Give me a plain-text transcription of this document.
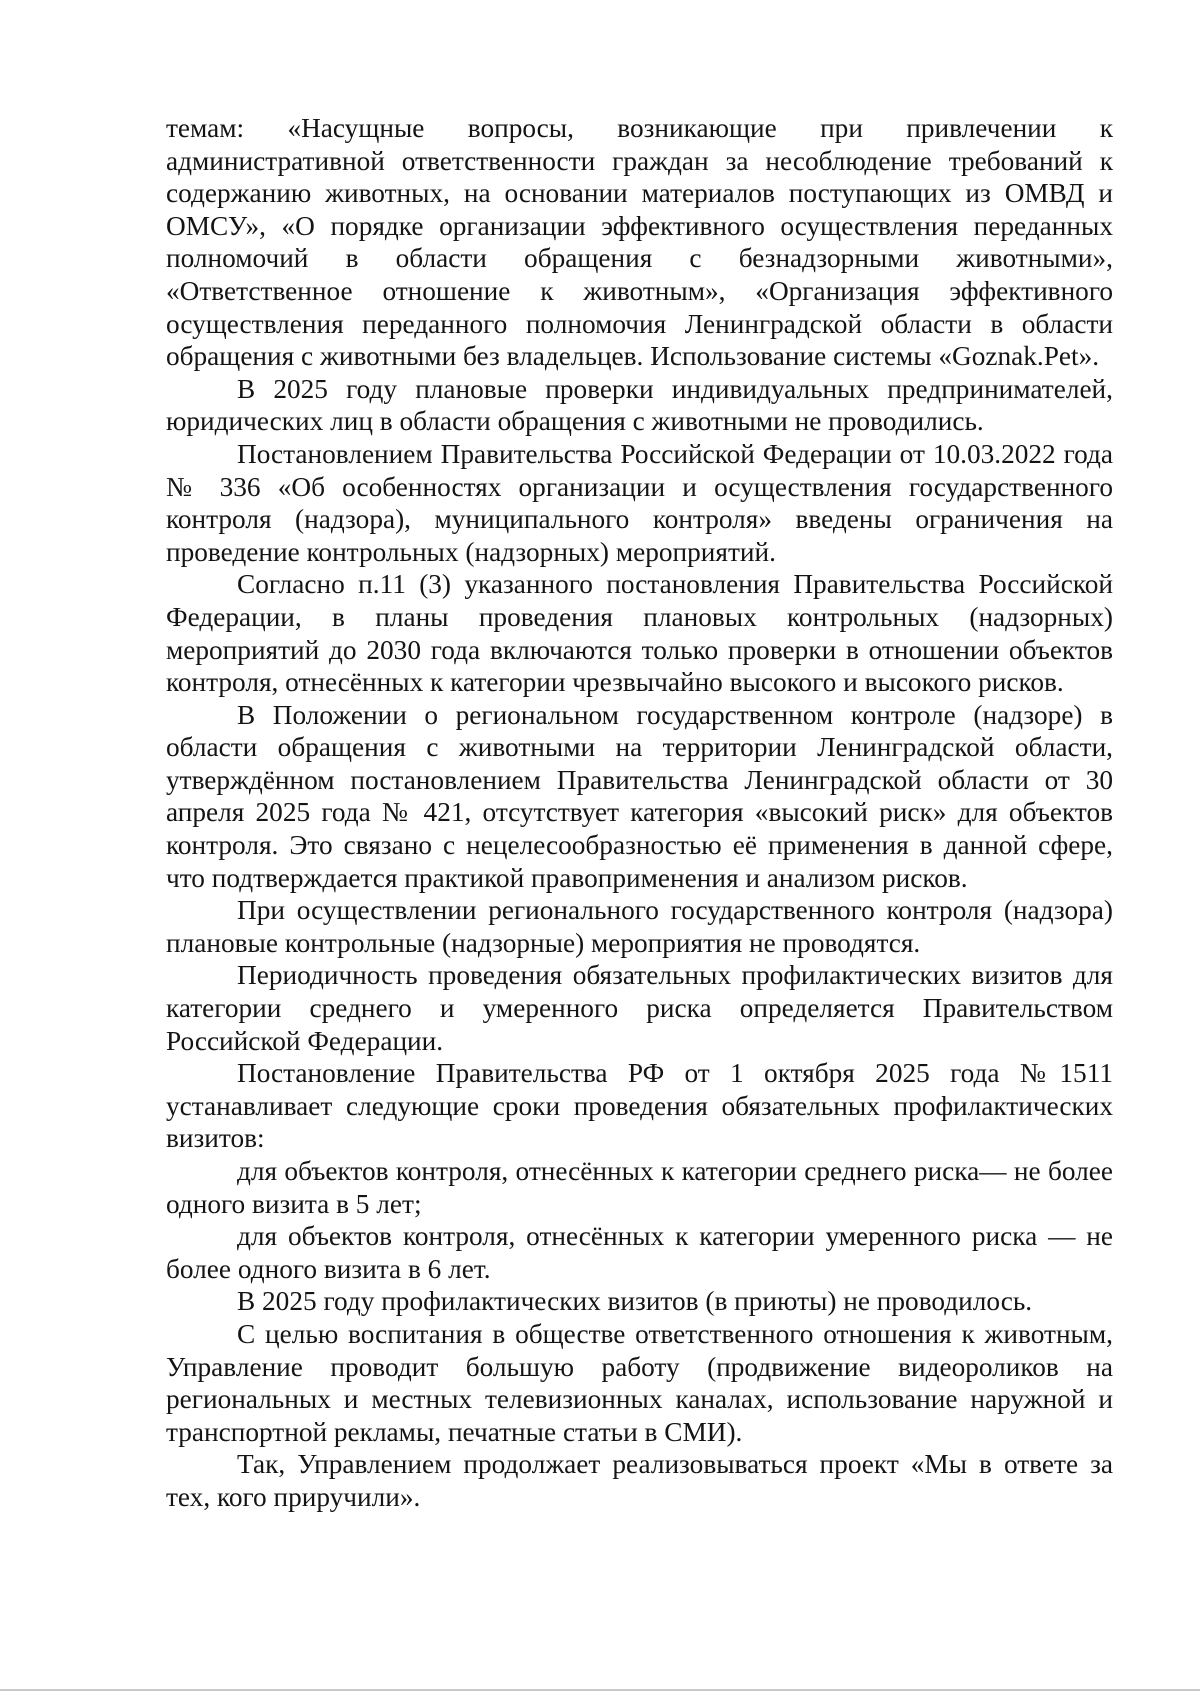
темам: «Насущные вопросы, возникающие при привлечении к административной ответственности граждан за несоблюдение требований к содержанию животных, на основании материалов поступающих из ОМВД и ОМСУ», «О порядке организации эффективного осуществления переданных полномочий в области обращения с безнадзорными животными», «Ответственное отношение к животным», «Организация эффективного осуществления переданного полномочия Ленинградской области в области обращения с животными без владельцев. Использование системы «Goznak.Pet».

В 2025 году плановые проверки индивидуальных предпринимателей, юридических лиц в области обращения с животными не проводились.

Постановлением Правительства Российской Федерации от 10.03.2022 года № 336 «Об особенностях организации и осуществления государственного контроля (надзора), муниципального контроля» введены ограничения на проведение контрольных (надзорных) мероприятий.

Согласно п.11 (3) указанного постановления Правительства Российской Федерации, в планы проведения плановых контрольных (надзорных) мероприятий до 2030 года включаются только проверки в отношении объектов контроля, отнесённых к категории чрезвычайно высокого и высокого рисков.

В Положении о региональном государственном контроле (надзоре) в области обращения с животными на территории Ленинградской области, утверждённом постановлением Правительства Ленинградской области от 30 апреля 2025 года № 421, отсутствует категория «высокий риск» для объектов контроля. Это связано с нецелесообразностью её применения в данной сфере, что подтверждается практикой правоприменения и анализом рисков.

При осуществлении регионального государственного контроля (надзора) плановые контрольные (надзорные) мероприятия не проводятся.

Периодичность проведения обязательных профилактических визитов для категории среднего и умеренного риска определяется Правительством Российской Федерации.

Постановление Правительства РФ от 1 октября 2025 года №1511 устанавливает следующие сроки проведения обязательных профилактических визитов:

для объектов контроля, отнесённых к категории среднего риска— не более одного визита в 5 лет;

для объектов контроля, отнесённых к категории умеренного риска — не более одного визита в 6 лет.

В 2025 году профилактических визитов (в приюты) не проводилось.

С целью воспитания в обществе ответственного отношения к животным, Управление проводит большую работу (продвижение видеороликов на региональных и местных телевизионных каналах, использование наружной и транспортной рекламы, печатные статьи в СМИ).

Так, Управлением продолжает реализовываться проект «Мы в ответе за тех, кого приручили».
